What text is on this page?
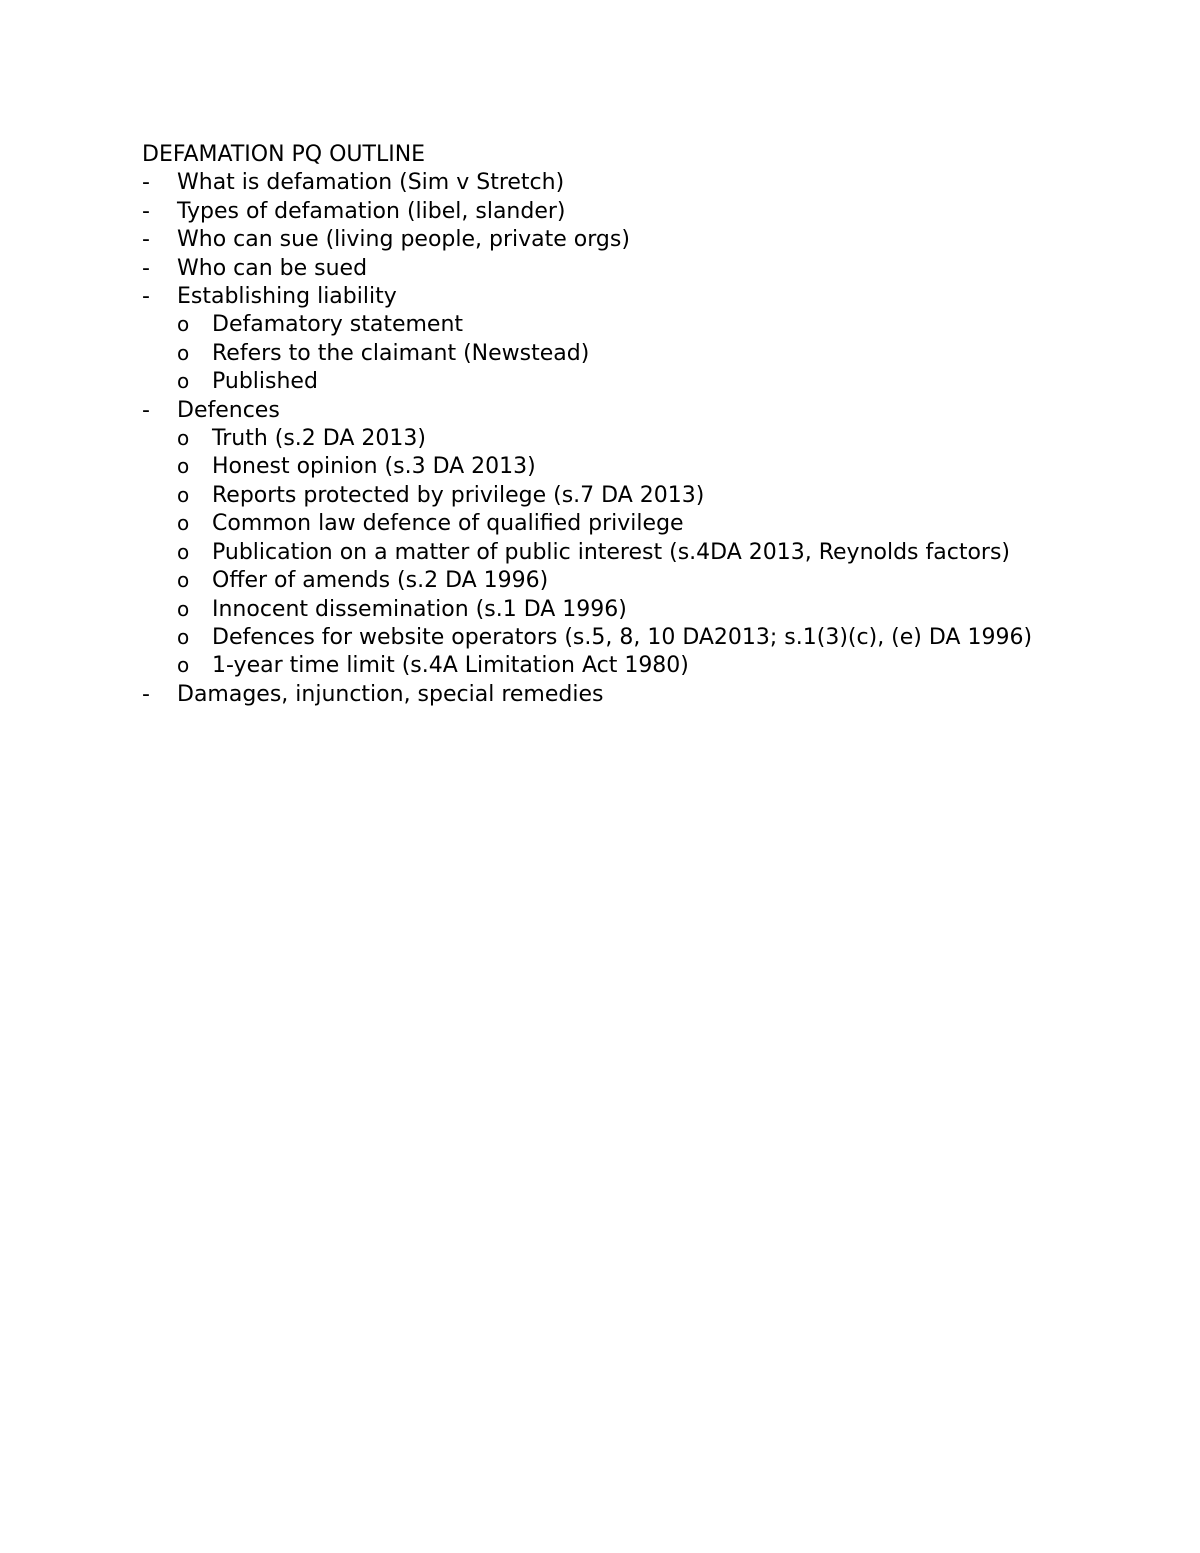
DEFAMATION PQ OUTLINE
- What is defamation (Sim v Stretch)
- Types of defamation (libel, slander)
- Who can sue (living people, private orgs)
- Who can be sued
- Establishing liability
o Defamatory statement
o Refers to the claimant (Newstead)
o Published
- Defences
o Truth (s.2 DA 2013)
o Honest opinion (s.3 DA 2013)
o Reports protected by privilege (s.7 DA 2013)
o Common law defence of qualified privilege
o Publication on a matter of public interest (s.4DA 2013, Reynolds factors)
o Offer of amends (s.2 DA 1996)
o Innocent dissemination (s.1 DA 1996)
o Defences for website operators (s.5, 8, 10 DA2013; s.1(3)(c), (e) DA 1996)
o 1-year time limit (s.4A Limitation Act 1980)
- Damages, injunction, special remedies
